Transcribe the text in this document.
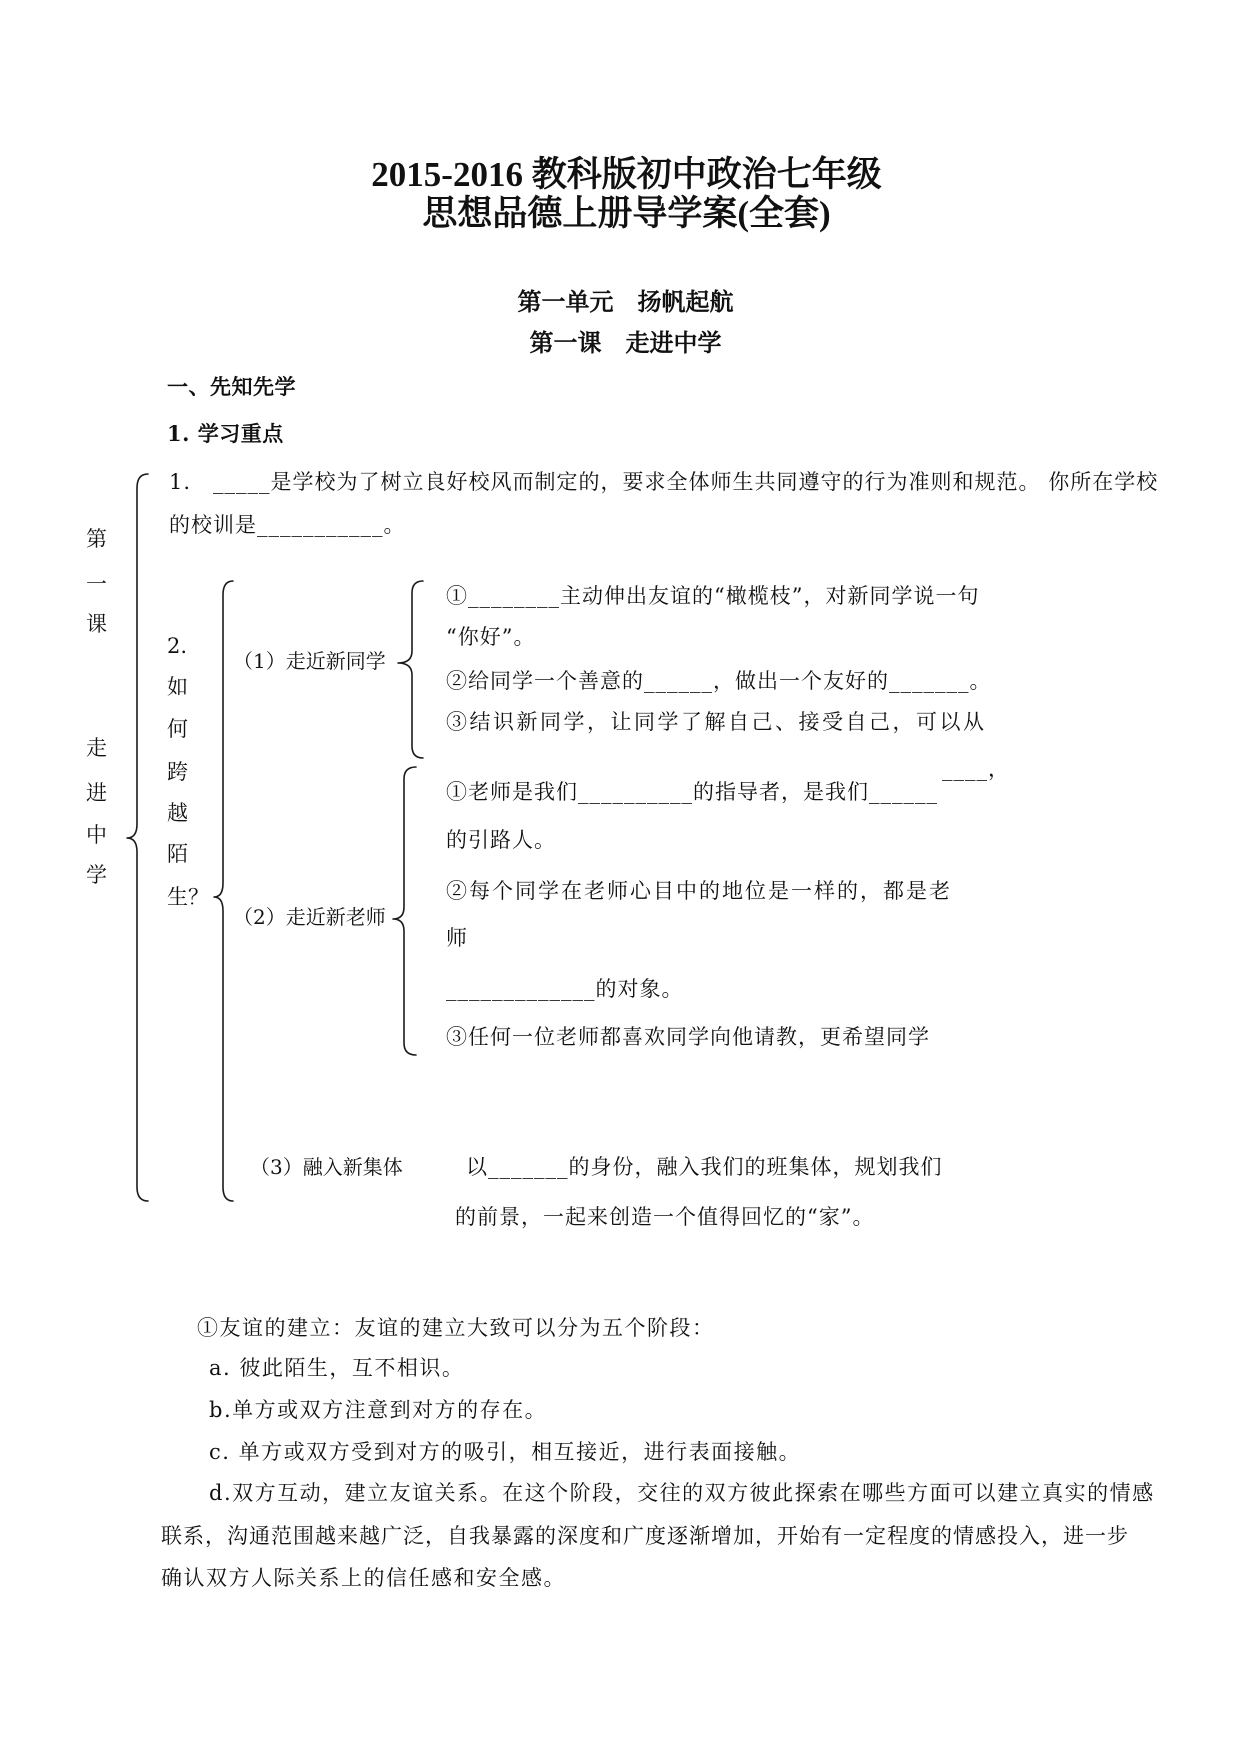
2015-2016 教科版初中政治七年级
思想品德上册导学案(全套)
第一单元　扬帆起航
第一课　走进中学
一、先知先学
1. 学习重点
1.　_____是学校为了树立良好校风而制定的，要求全体师生共同遵守的行为准则和规范。 你所在学校
的校训是___________。
第
一
课
走
进
中
学
2.
如
何
跨
越
陌
生？
（1）走近新同学
①________主动伸出友谊的“橄榄枝”，对新同学说一句
“你好”。
②给同学一个善意的______，做出一个友好的_______。
③结识新同学，让同学了解自己、接受自己，可以从
____，
（2）走近新老师
①老师是我们__________的指导者，是我们______
的引路人。
②每个同学在老师心目中的地位是一样的，都是老
师
_____________的对象。
③任何一位老师都喜欢同学向他请教，更希望同学
（3）融入新集体	以_______的身份，融入我们的班集体，规划我们
的前景，一起来创造一个值得回忆的“家”。
①友谊的建立：友谊的建立大致可以分为五个阶段：
a. 彼此陌生，互不相识。
b.单方或双方注意到对方的存在。
c. 单方或双方受到对方的吸引，相互接近，进行表面接触。
d.双方互动，建立友谊关系。在这个阶段，交往的双方彼此探索在哪些方面可以建立真实的情感
联系，沟通范围越来越广泛，自我暴露的深度和广度逐渐增加，开始有一定程度的情感投入，进一步
确认双方人际关系上的信任感和安全感。
